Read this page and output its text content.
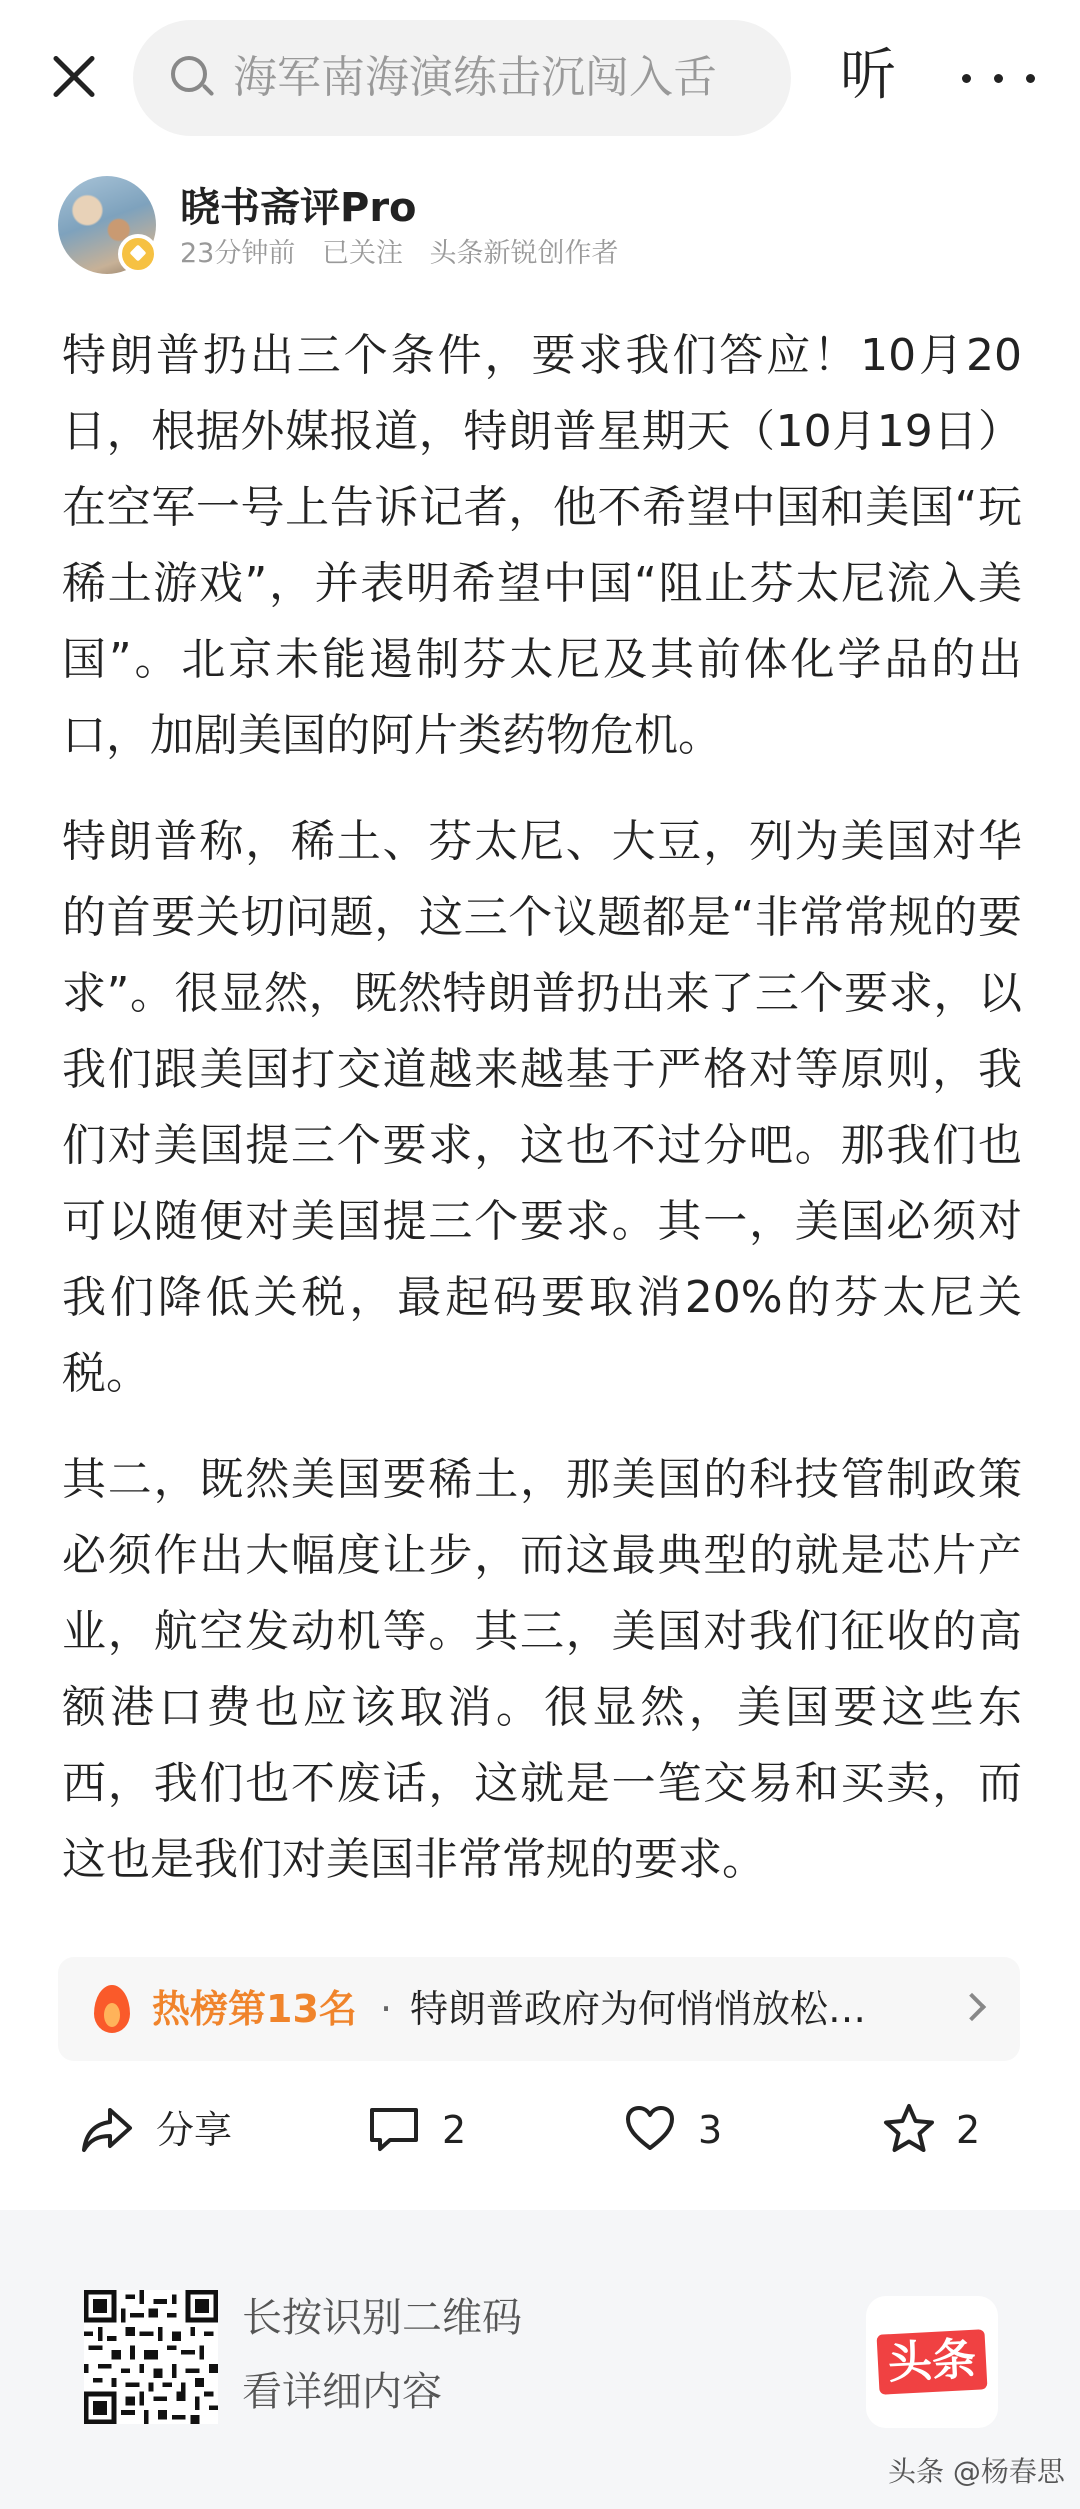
海军南海演练击沉闯入舌	听
晓书斋评Pro
23分钟前 已关注 头条新锐创作者

特朗普扔出三个条件，要求我们答应！10月20日，根据外媒报道，特朗普星期天（10月19日）在空军一号上告诉记者，他不希望中国和美国“玩稀土游戏”，并表明希望中国“阻止芬太尼流入美国”。北京未能遏制芬太尼及其前体化学品的出口，加剧美国的阿片类药物危机。

特朗普称，稀土、芬太尼、大豆，列为美国对华的首要关切问题，这三个议题都是“非常常规的要求”。很显然，既然特朗普扔出来了三个要求，以我们跟美国打交道越来越基于严格对等原则，我们对美国提三个要求，这也不过分吧。那我们也可以随便对美国提三个要求。其一，美国必须对我们降低关税，最起码要取消20%的芬太尼关税。

其二，既然美国要稀土，那美国的科技管制政策必须作出大幅度让步，而这最典型的就是芯片产业，航空发动机等。其三，美国对我们征收的高额港口费也应该取消。很显然，美国要这些东西，我们也不废话，这就是一笔交易和买卖，而这也是我们对美国非常常规的要求。

热榜第13名 · 特朗普政府为何悄悄放松…
分享	2	3	2
长按识别二维码
看详细内容
头条
头条 @杨春思
